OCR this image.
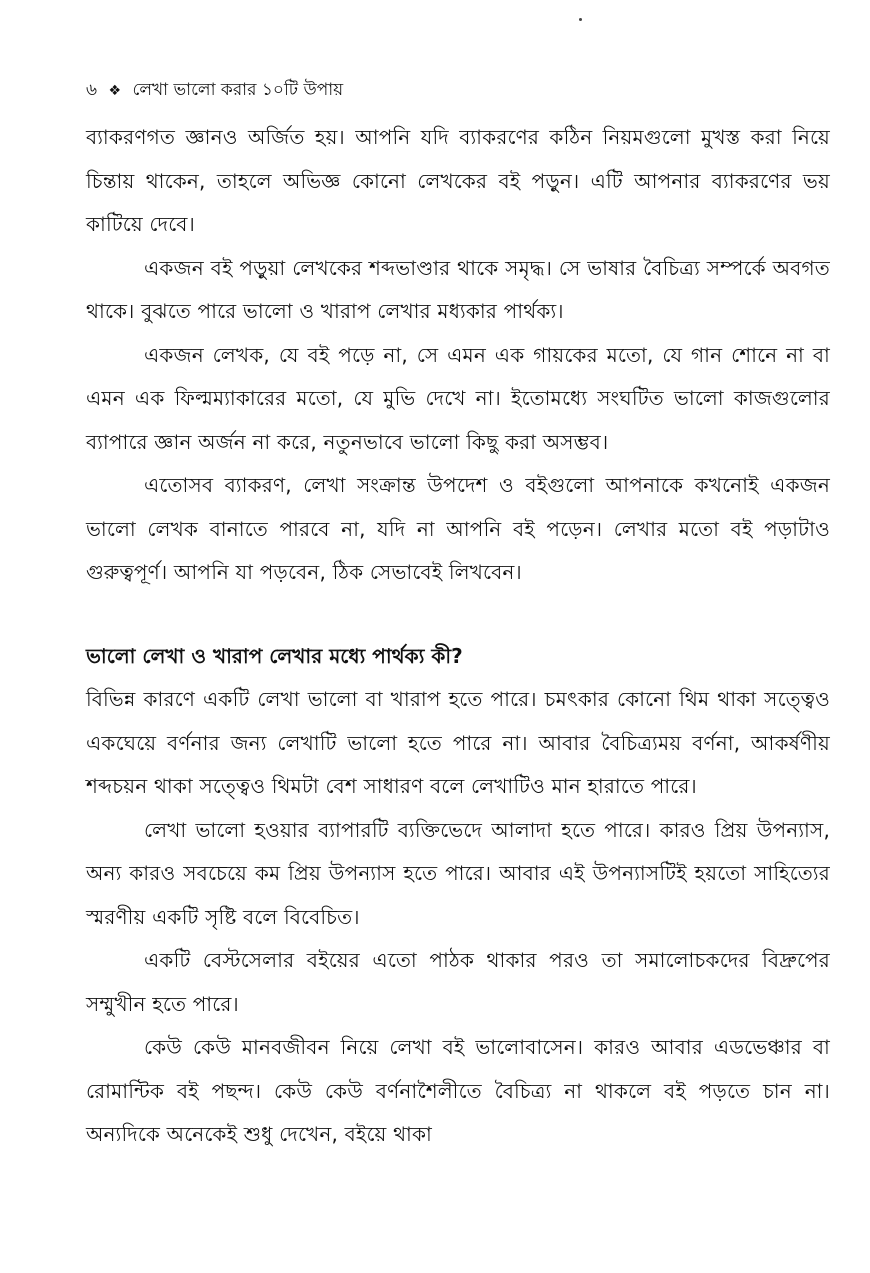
৬ ❖ লেখা ভালো করার ১০টি উপায়

ব্যাকরণগত জ্ঞানও অর্জিত হয়। আপনি যদি ব্যাকরণের কঠিন নিয়মগুলো মুখস্ত করা নিয়ে চিন্তায় থাকেন, তাহলে অভিজ্ঞ কোনো লেখকের বই পড়ুন। এটি আপনার ব্যাকরণের ভয় কাটিয়ে দেবে।

একজন বই পড়ুয়া লেখকের শব্দভাণ্ডার থাকে সমৃদ্ধ। সে ভাষার বৈচিত্র্য সম্পর্কে অবগত থাকে। বুঝতে পারে ভালো ও খারাপ লেখার মধ্যকার পার্থক্য।

একজন লেখক, যে বই পড়ে না, সে এমন এক গায়কের মতো, যে গান শোনে না বা এমন এক ফিল্মম্যাকারের মতো, যে মুভি দেখে না। ইতোমধ্যে সংঘটিত ভালো কাজগুলোর ব্যাপারে জ্ঞান অর্জন না করে, নতুনভাবে ভালো কিছু করা অসম্ভব।

এতোসব ব্যাকরণ, লেখা সংক্রান্ত উপদেশ ও বইগুলো আপনাকে কখনোই একজন ভালো লেখক বানাতে পারবে না, যদি না আপনি বই পড়েন। লেখার মতো বই পড়াটাও গুরুত্বপূর্ণ। আপনি যা পড়বেন, ঠিক সেভাবেই লিখবেন।

ভালো লেখা ও খারাপ লেখার মধ্যে পার্থক্য কী?

বিভিন্ন কারণে একটি লেখা ভালো বা খারাপ হতে পারে। চমৎকার কোনো থিম থাকা সত্ত্বেও একঘেয়ে বর্ণনার জন্য লেখাটি ভালো হতে পারে না। আবার বৈচিত্র্যময় বর্ণনা, আকর্ষণীয় শব্দচয়ন থাকা সত্ত্বেও থিমটা বেশ সাধারণ বলে লেখাটিও মান হারাতে পারে।

লেখা ভালো হওয়ার ব্যাপারটি ব্যক্তিভেদে আলাদা হতে পারে। কারও প্রিয় উপন্যাস, অন্য কারও সবচেয়ে কম প্রিয় উপন্যাস হতে পারে। আবার এই উপন্যাসটিই হয়তো সাহিত্যের স্মরণীয় একটি সৃষ্টি বলে বিবেচিত।

একটি বেস্টসেলার বইয়ের এতো পাঠক থাকার পরও তা সমালোচকদের বিদ্রুপের সম্মুখীন হতে পারে।

কেউ কেউ মানবজীবন নিয়ে লেখা বই ভালোবাসেন। কারও আবার এডভেঞ্চার বা রোমান্টিক বই পছন্দ। কেউ কেউ বর্ণনাশৈলীতে বৈচিত্র্য না থাকলে বই পড়তে চান না। অন্যদিকে অনেকেই শুধু দেখেন, বইয়ে থাকা
